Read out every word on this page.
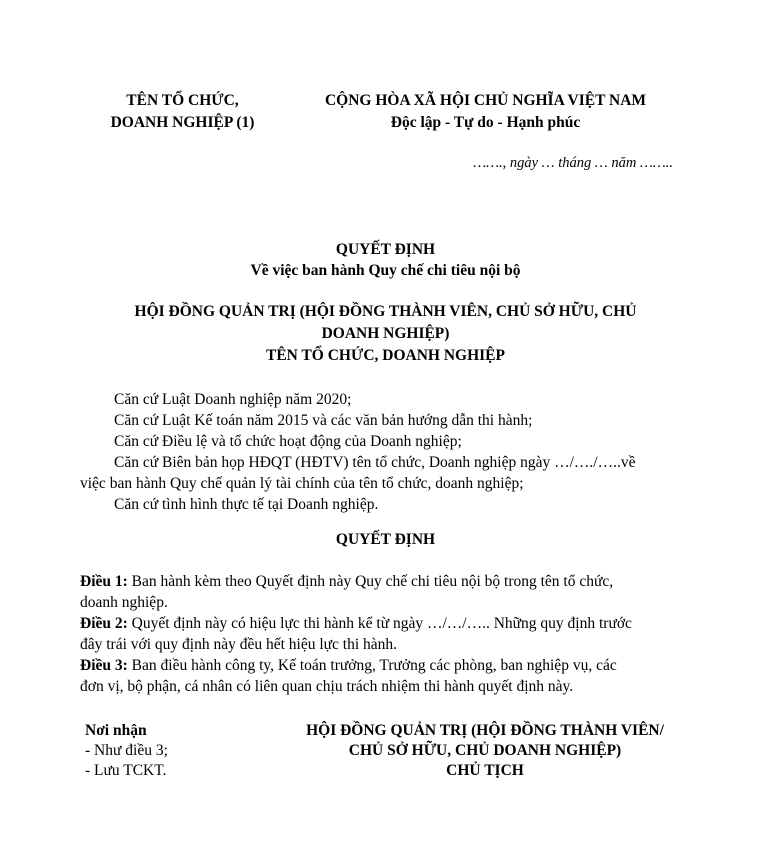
TÊN TỔ CHỨC,
DOANH NGHIỆP (1)
CỘNG HÒA XÃ HỘI CHỦ NGHĨA VIỆT NAM
Độc lập - Tự do - Hạnh phúc
……., ngày … tháng … năm ……..
QUYẾT ĐỊNH
Về việc ban hành Quy chế chi tiêu nội bộ
HỘI ĐỒNG QUẢN TRỊ (HỘI ĐỒNG THÀNH VIÊN, CHỦ SỞ HỮU, CHỦ
DOANH NGHIỆP)
TÊN TỔ CHỨC, DOANH NGHIỆP
Căn cứ Luật Doanh nghiệp năm 2020;
Căn cứ Luật Kế toán năm 2015 và các văn bản hướng dẫn thi hành;
Căn cứ Điều lệ và tổ chức hoạt động của Doanh nghiệp;
Căn cứ Biên bản họp HĐQT (HĐTV) tên tổ chức, Doanh nghiệp ngày …/…./…..về
việc ban hành Quy chế quản lý tài chính của tên tổ chức, doanh nghiệp;
Căn cứ tình hình thực tế tại Doanh nghiệp.
QUYẾT ĐỊNH
Điều 1: Ban hành kèm theo Quyết định này Quy chế chi tiêu nội bộ trong tên tổ chức,
doanh nghiệp.
Điều 2: Quyết định này có hiệu lực thi hành kể từ ngày …/…/….. Những quy định trước
đây trái với quy định này đều hết hiệu lực thi hành.
Điều 3: Ban điều hành công ty, Kế toán trưởng, Trưởng các phòng, ban nghiệp vụ, các
đơn vị, bộ phận, cá nhân có liên quan chịu trách nhiệm thi hành quyết định này.
Nơi nhận
- Như điều 3;
- Lưu TCKT.
HỘI ĐỒNG QUẢN TRỊ (HỘI ĐỒNG THÀNH VIÊN/
CHỦ SỞ HỮU, CHỦ DOANH NGHIỆP)
CHỦ TỊCH
